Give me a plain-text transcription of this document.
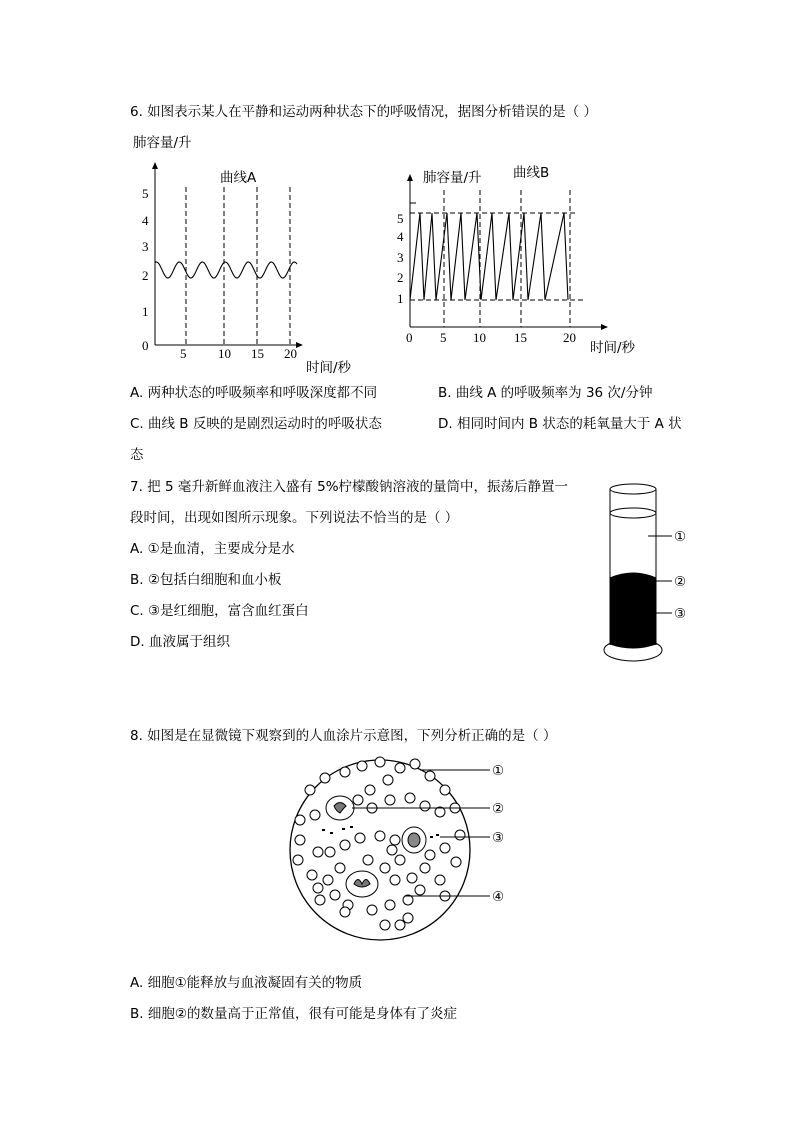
6. 如图表示某人在平静和运动两种状态下的呼吸情况，据图分析错误的是（ ）
肺容量/升
曲线A
5
4
3
2
1
0
5 10 15 20
时间/秒
肺容量/升 曲线B
5
4
3
2
1
0 5 10 15	20
时间/秒
①
②
③
①
②
③
④
A. 两种状态的呼吸频率和呼吸深度都不同	B. 曲线 A 的呼吸频率为 36 次/分钟
C. 曲线 B 反映的是剧烈运动时的呼吸状态	D. 相同时间内 B 状态的耗氧量大于 A 状
态
7. 把 5 毫升新鲜血液注入盛有 5%柠檬酸钠溶液的量筒中，振荡后静置一
段时间，出现如图所示现象。下列说法不恰当的是（ ）
A. ①是血清，主要成分是水
B. ②包括白细胞和血小板
C. ③是红细胞，富含血红蛋白
D. 血液属于组织
8. 如图是在显微镜下观察到的人血涂片示意图，下列分析正确的是（ ）
A. 细胞①能释放与血液凝固有关的物质
B. 细胞②的数量高于正常值，很有可能是身体有了炎症
